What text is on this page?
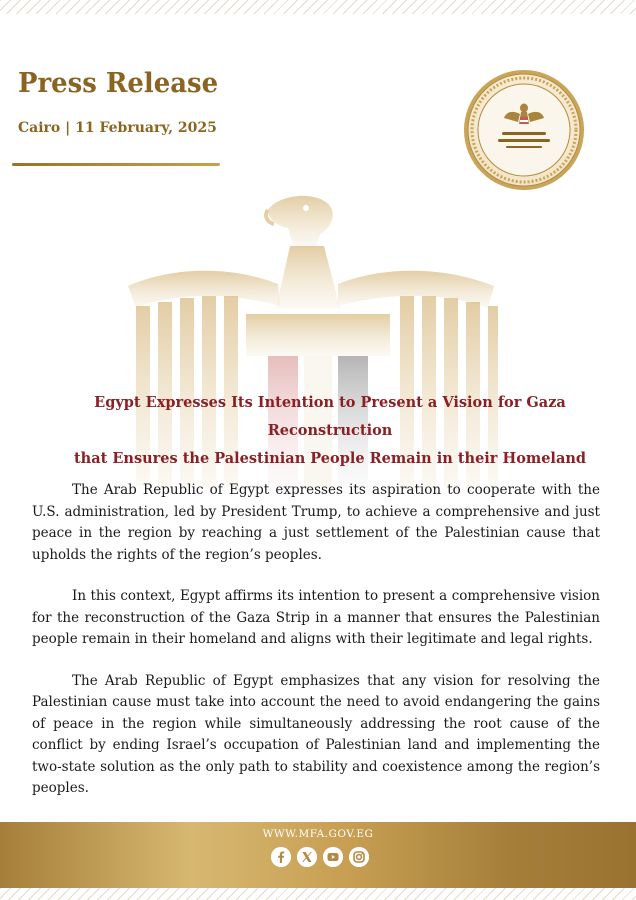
Press Release
Cairo | 11 February, 2025
Egypt Expresses Its Intention to Present a Vision for Gaza Reconstruction
that Ensures the Palestinian People Remain in their Homeland

The Arab Republic of Egypt expresses its aspiration to cooperate with the U.S. administration, led by President Trump, to achieve a comprehensive and just peace in the region by reaching a just settlement of the Palestinian cause that upholds the rights of the region’s peoples.

In this context, Egypt affirms its intention to present a comprehensive vision for the reconstruction of the Gaza Strip in a manner that ensures the Palestinian people remain in their homeland and aligns with their legitimate and legal rights.

The Arab Republic of Egypt emphasizes that any vision for resolving the Palestinian cause must take into account the need to avoid endangering the gains of peace in the region while simultaneously addressing the root cause of the conflict by ending Israel’s occupation of Palestinian land and implementing the two-state solution as the only path to stability and coexistence among the region’s peoples.

WWW.MFA.GOV.EG
